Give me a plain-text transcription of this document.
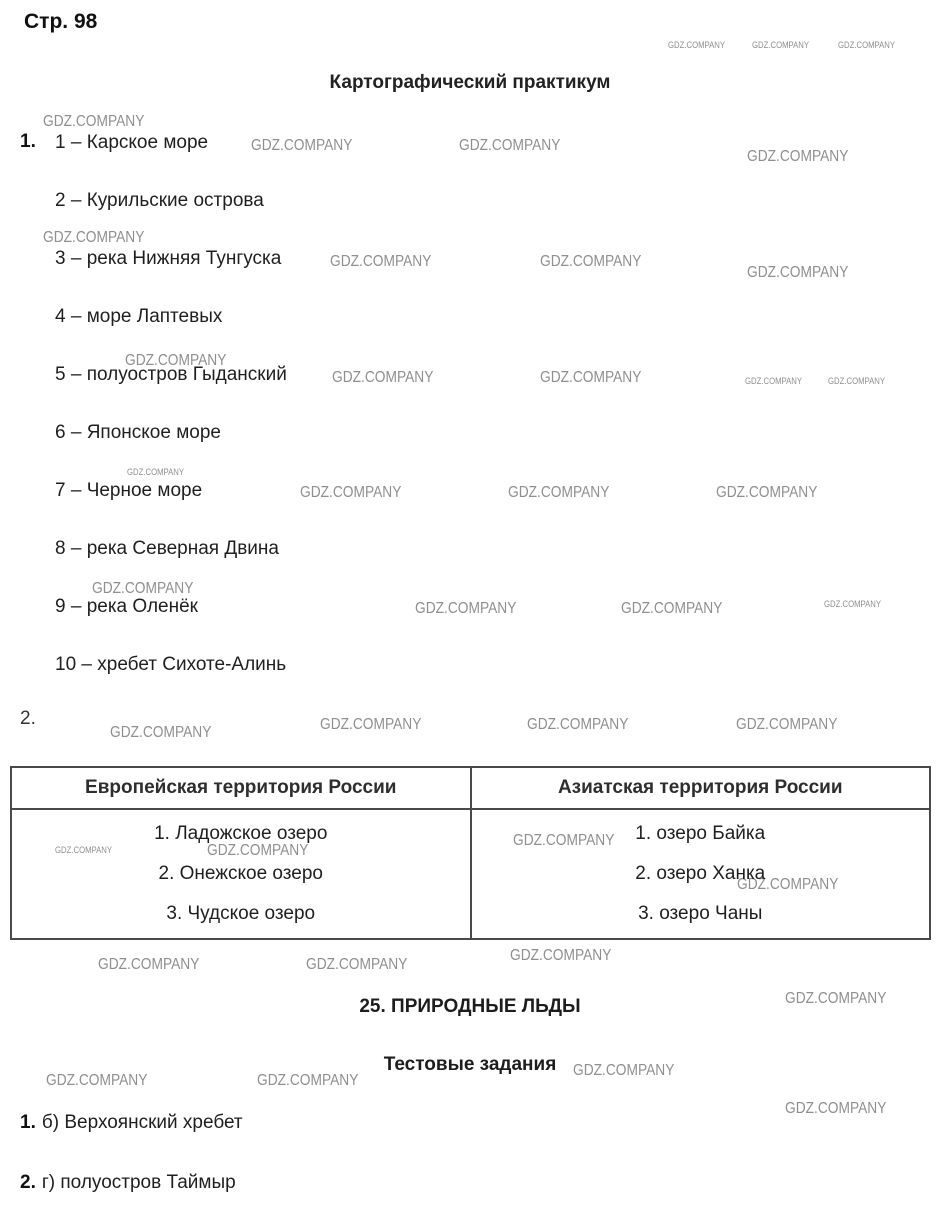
GDZ.COMPANY	GDZ.COMPANY	GDZ.COMPANY
GDZ.COMPANY
GDZ.COMPANY	GDZ.COMPANY
GDZ.COMPANY
GDZ.COMPANY
GDZ.COMPANY	GDZ.COMPANY
GDZ.COMPANY
GDZ.COMPANY
GDZ.COMPANY	GDZ.COMPANY	GDZ.COMPANY	GDZ.COMPANY
GDZ.COMPANY
GDZ.COMPANY	GDZ.COMPANY	GDZ.COMPANY
GDZ.COMPANY
GDZ.COMPANY	GDZ.COMPANY	GDZ.COMPANY
GDZ.COMPANY	GDZ.COMPANY	GDZ.COMPANY	GDZ.COMPANY
GDZ.COMPANY
GDZ.COMPANY
GDZ.COMPANY
GDZ.COMPANY
GDZ.COMPANY
GDZ.COMPANY	GDZ.COMPANY
GDZ.COMPANY
GDZ.COMPANY
GDZ.COMPANY	GDZ.COMPANY
GDZ.COMPANY
Стр. 98
Картографический практикум
1. 1 – Карское море
2 – Курильские острова
3 – река Нижняя Тунгуска
4 – море Лаптевых
5 – полуостров Гыданский
6 – Японское море
7 – Черное море
8 – река Северная Двина
9 – река Оленёк
10 – хребет Сихоте-Алинь
2.
Европейская территория России	Азиатская территория России

1. Ладожское озеро
2. Онежское озеро
3. Чудское озеро

1. озеро Байка
2. озеро Ханка
3. озеро Чаны
25. ПРИРОДНЫЕ ЛЬДЫ
Тестовые задания
1. б) Верхоянский хребет
2. г) полуостров Таймыр
